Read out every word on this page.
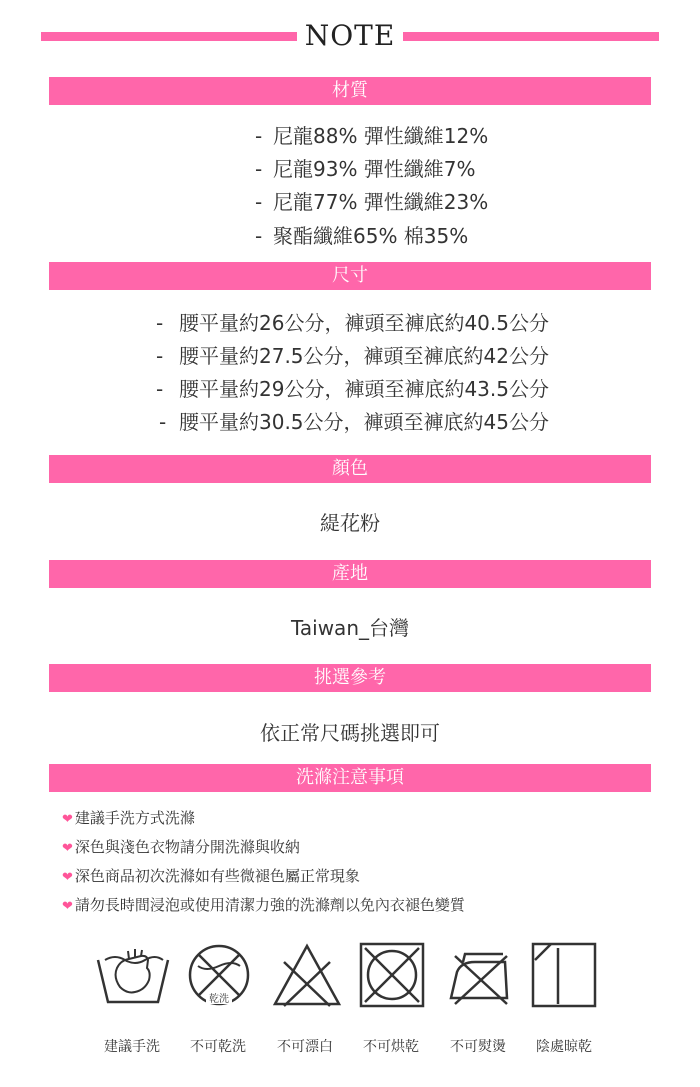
NOTE
材質
- 尼龍88% 彈性纖維12%
- 尼龍93% 彈性纖維7%
- 尼龍77% 彈性纖維23%
- 聚酯纖維65% 棉35%
尺寸
- 腰平量約26公分，褲頭至褲底約40.5公分
- 腰平量約27.5公分，褲頭至褲底約42公分
- 腰平量約29公分，褲頭至褲底約43.5公分
- 腰平量約30.5公分，褲頭至褲底約45公分
顏色
緹花粉
產地
Taiwan_台灣
挑選參考
依正常尺碼挑選即可
洗滌注意事項
❤ 建議手洗方式洗滌
❤ 深色與淺色衣物請分開洗滌與收納
❤ 深色商品初次洗滌如有些微褪色屬正常現象
❤ 請勿長時間浸泡或使用清潔力強的洗滌劑以免內衣褪色變質
乾洗
建議手洗 不可乾洗 不可漂白 不可烘乾 不可熨燙 陰處晾乾
